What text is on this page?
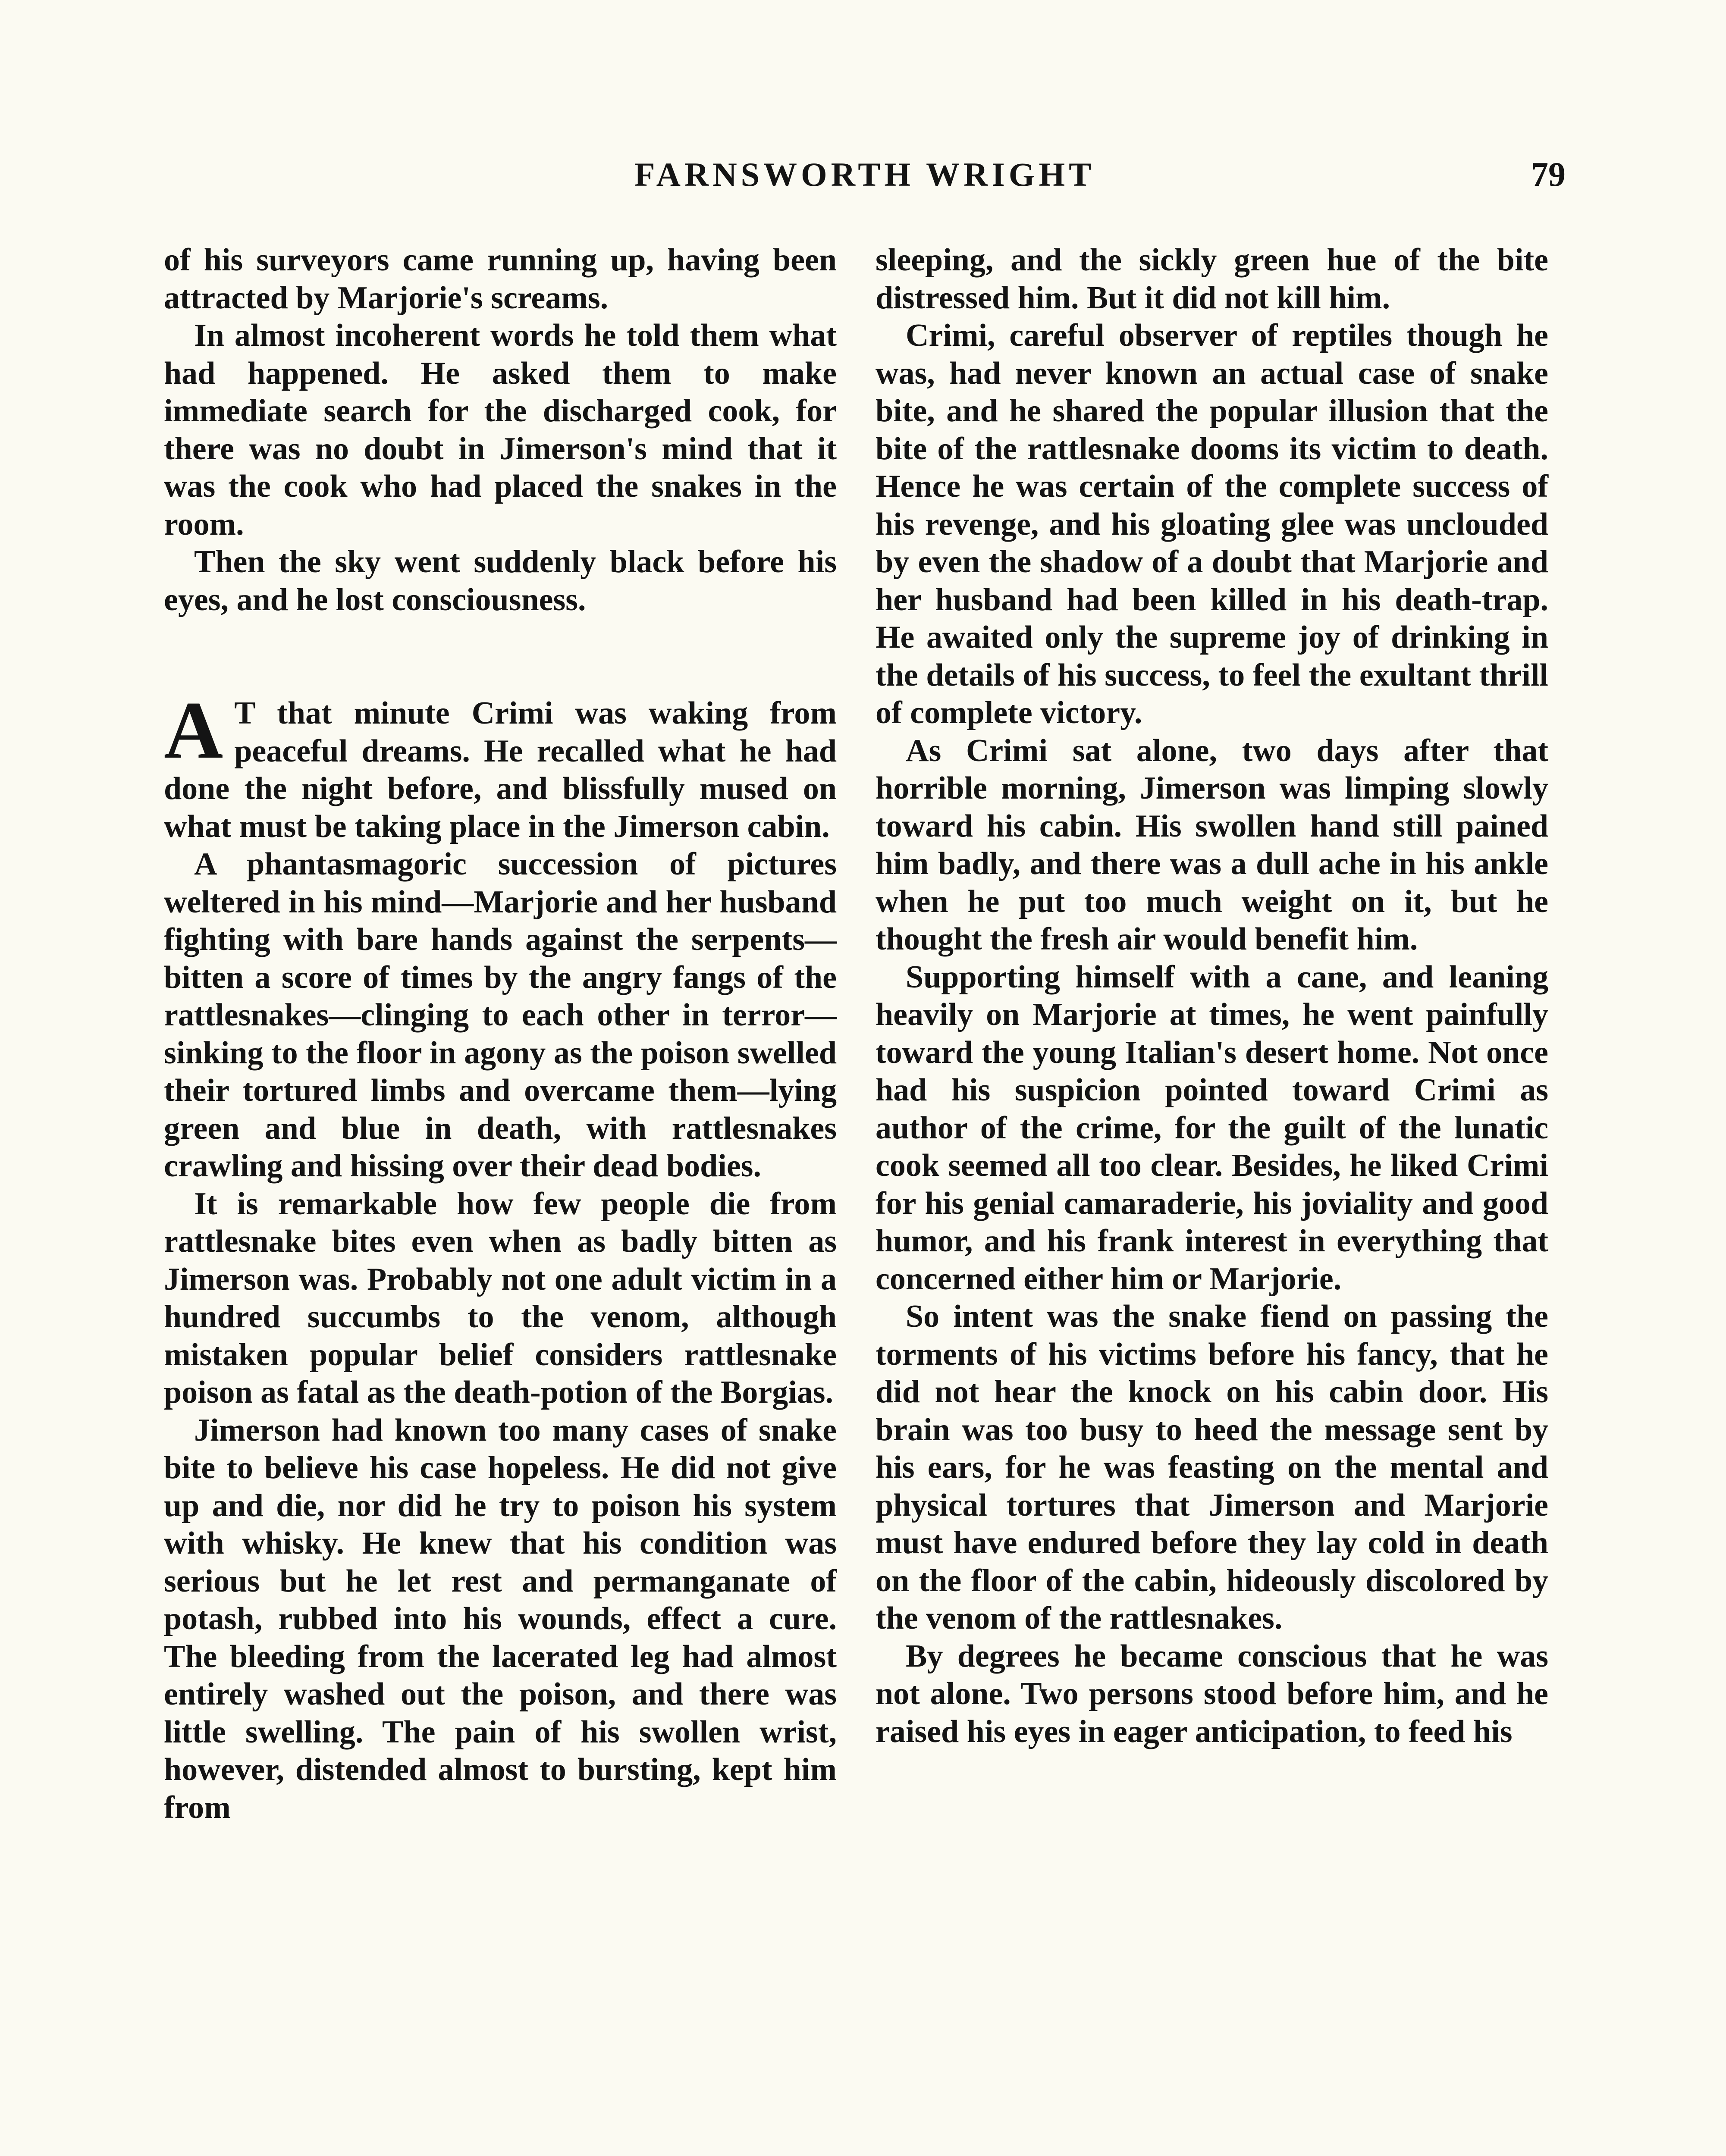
FARNSWORTH WRIGHT	79

of his surveyors came running up, having been attracted by Marjorie's screams.

In almost incoherent words he told them what had happened. He asked them to make immediate search for the discharged cook, for there was no doubt in Jimerson's mind that it was the cook who had placed the snakes in the room.

Then the sky went suddenly black before his eyes, and he lost consciousness.

A T that minute Crimi was waking from peaceful dreams. He recalled what he had done the night before, and blissfully mused on what must be taking place in the Jimerson cabin.

A phantasmagoric succession of pictures weltered in his mind—Marjorie and her husband fighting with bare hands against the serpents—bitten a score of times by the angry fangs of the rattlesnakes—clinging to each other in terror—sinking to the floor in agony as the poison swelled their tortured limbs and overcame them—lying green and blue in death, with rattlesnakes crawling and hissing over their dead bodies.

It is remarkable how few people die from rattlesnake bites even when as badly bitten as Jimerson was. Probably not one adult victim in a hundred succumbs to the venom, although mistaken popular belief considers rattlesnake poison as fatal as the death-potion of the Borgias.

Jimerson had known too many cases of snake bite to believe his case hopeless. He did not give up and die, nor did he try to poison his system with whisky. He knew that his condition was serious but he let rest and permanganate of potash, rubbed into his wounds, effect a cure. The bleeding from the lacerated leg had almost entirely washed out the poison, and there was little swelling. The pain of his swollen wrist, however, distended almost to bursting, kept him from

sleeping, and the sickly green hue of the bite distressed him. But it did not kill him.

Crimi, careful observer of reptiles though he was, had never known an actual case of snake bite, and he shared the popular illusion that the bite of the rattlesnake dooms its victim to death. Hence he was certain of the complete success of his revenge, and his gloating glee was unclouded by even the shadow of a doubt that Marjorie and her husband had been killed in his death-trap. He awaited only the supreme joy of drinking in the details of his success, to feel the exultant thrill of complete victory.

As Crimi sat alone, two days after that horrible morning, Jimerson was limping slowly toward his cabin. His swollen hand still pained him badly, and there was a dull ache in his ankle when he put too much weight on it, but he thought the fresh air would benefit him.

Supporting himself with a cane, and leaning heavily on Marjorie at times, he went painfully toward the young Italian's desert home. Not once had his suspicion pointed toward Crimi as author of the crime, for the guilt of the lunatic cook seemed all too clear. Besides, he liked Crimi for his genial camaraderie, his joviality and good humor, and his frank interest in everything that concerned either him or Marjorie.

So intent was the snake fiend on passing the torments of his victims before his fancy, that he did not hear the knock on his cabin door. His brain was too busy to heed the message sent by his ears, for he was feasting on the mental and physical tortures that Jimerson and Marjorie must have endured before they lay cold in death on the floor of the cabin, hideously discolored by the venom of the rattlesnakes.

By degrees he became conscious that he was not alone. Two persons stood before him, and he raised his eyes in eager anticipation, to feed his
